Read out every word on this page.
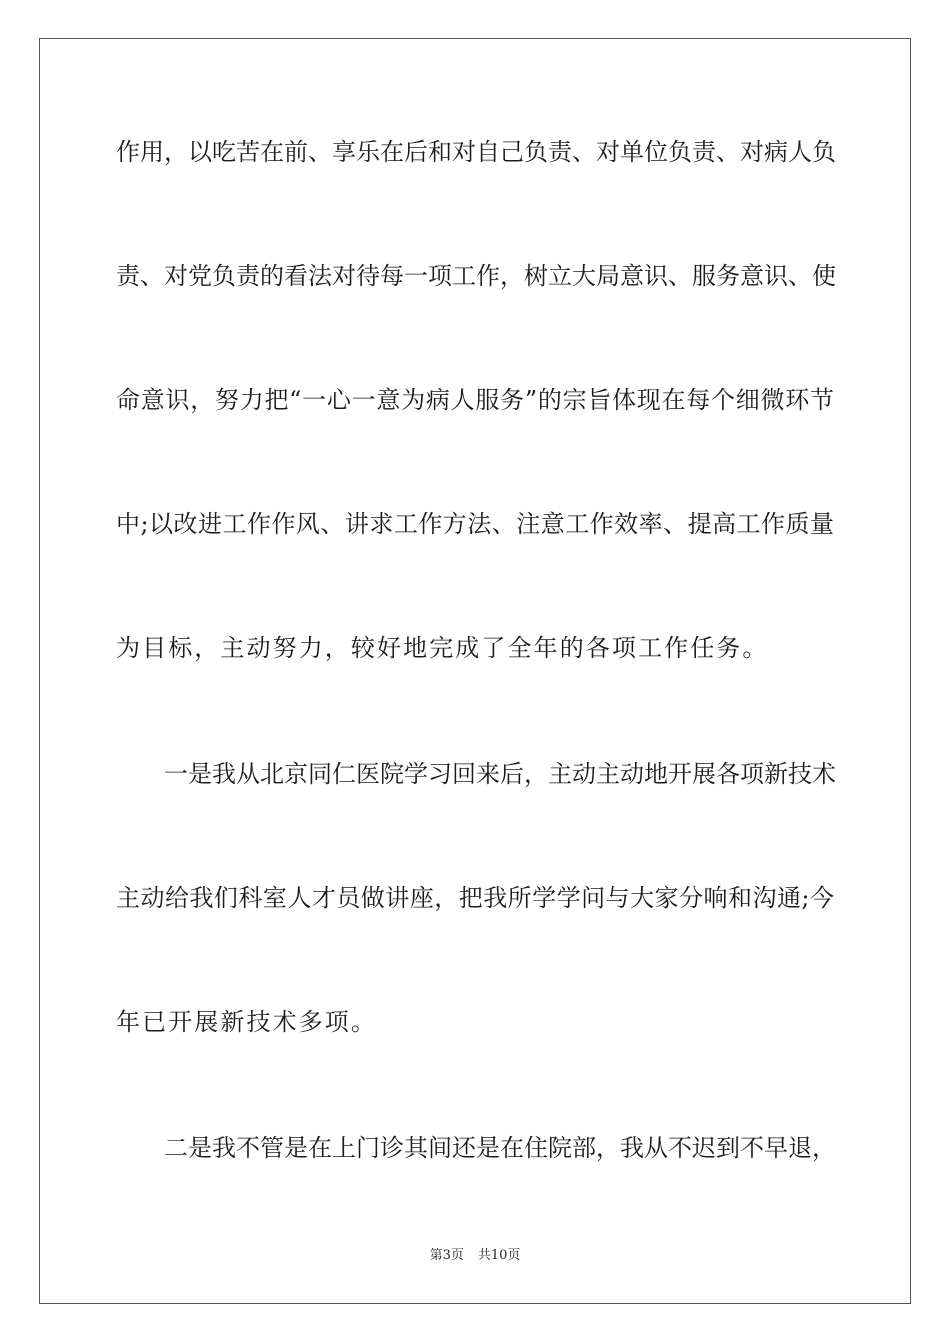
作用，以吃苦在前、享乐在后和对自己负责、对单位负责、对病人负
责、对党负责的看法对待每一项工作，树立大局意识、服务意识、使
命意识，努力把“一心一意为病人服务”的宗旨体现在每个细微环节
中;以改进工作作风、讲求工作方法、注意工作效率、提高工作质量
为目标，主动努力，较好地完成了全年的各项工作任务。
一是我从北京同仁医院学习回来后，主动主动地开展各项新技术
主动给我们科室人才员做讲座，把我所学学问与大家分响和沟通;今
年已开展新技术多项。
二是我不管是在上门诊其间还是在住院部，我从不迟到不早退，
第3页 共10页
